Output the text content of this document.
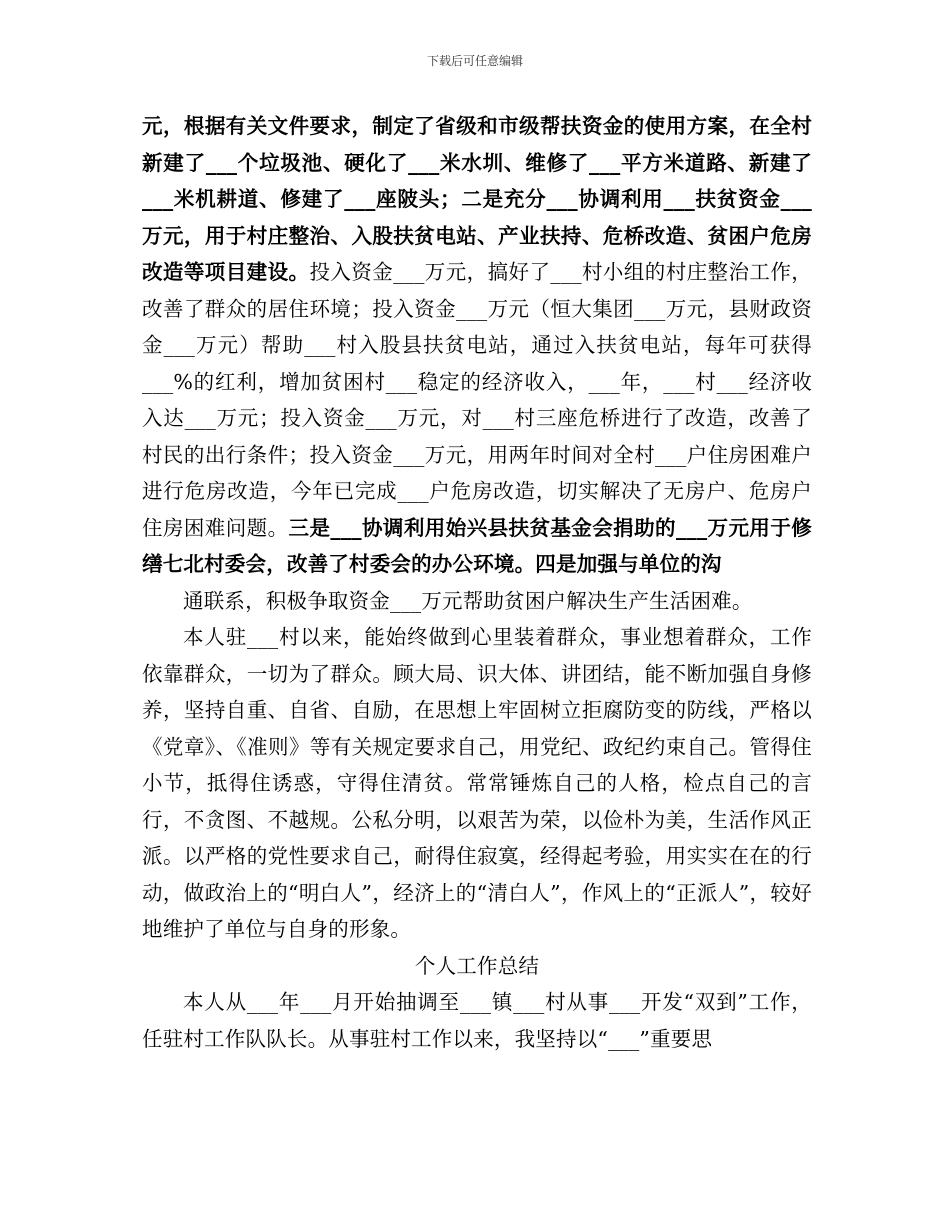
下载后可任意编辑

元，根据有关文件要求，制定了省级和市级帮扶资金的使用方案，在全村新建了___个垃圾池、硬化了___米水圳、维修了___平方米道路、新建了___米机耕道、修建了___座陂头；二是充分___协调利用___扶贫资金___万元，用于村庄整治、入股扶贫电站、产业扶持、危桥改造、贫困户危房改造等项目建设。投入资金___万元，搞好了___村小组的村庄整治工作，改善了群众的居住环境；投入资金___万元（恒大集团___万元，县财政资金___万元）帮助___村入股县扶贫电站，通过入扶贫电站，每年可获得___%的红利，增加贫困村___稳定的经济收入，___年，___村___经济收入达___万元；投入资金___万元，对___村三座危桥进行了改造，改善了村民的出行条件；投入资金___万元，用两年时间对全村___户住房困难户进行危房改造，今年已完成___户危房改造，切实解决了无房户、危房户住房困难问题。三是___协调利用始兴县扶贫基金会捐助的___万元用于修缮七北村委会，改善了村委会的办公环境。四是加强与单位的沟

通联系，积极争取资金___万元帮助贫困户解决生产生活困难。

本人驻___村以来，能始终做到心里装着群众，事业想着群众，工作依靠群众，一切为了群众。顾大局、识大体、讲团结，能不断加强自身修养，坚持自重、自省、自励，在思想上牢固树立拒腐防变的防线，严格以《党章》、《准则》等有关规定要求自己，用党纪、政纪约束自己。管得住小节，抵得住诱惑，守得住清贫。常常锤炼自己的人格，检点自己的言行，不贪图、不越规。公私分明，以艰苦为荣，以俭朴为美，生活作风正派。以严格的党性要求自己，耐得住寂寞，经得起考验，用实实在在的行动，做政治上的“明白人”，经济上的“清白人”，作风上的“正派人”，较好地维护了单位与自身的形象。

个人工作总结

本人从___年___月开始抽调至___镇___村从事___开发“双到”工作，任驻村工作队队长。从事驻村工作以来，我坚持以“___”重要思
